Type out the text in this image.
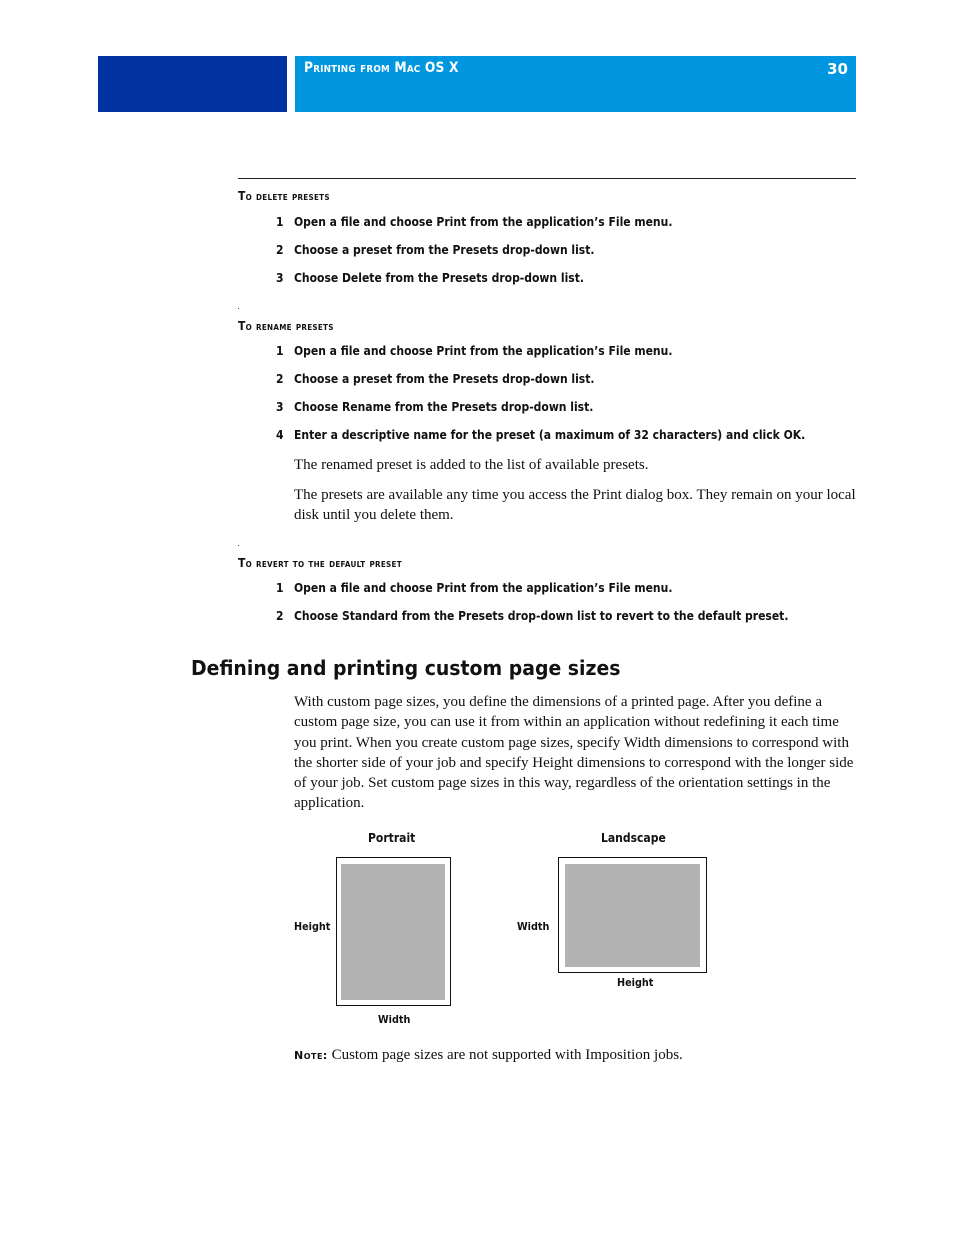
Printing from Mac OS X	30
To delete presets
1 Open a file and choose Print from the application’s File menu.
2 Choose a preset from the Presets drop-down list.
3 Choose Delete from the Presets drop-down list.
To rename presets
1 Open a file and choose Print from the application’s File menu.
2 Choose a preset from the Presets drop-down list.
3 Choose Rename from the Presets drop-down list.
4 Enter a descriptive name for the preset (a maximum of 32 characters) and click OK.
The renamed preset is added to the list of available presets.
The presets are available any time you access the Print dialog box. They remain on your local disk until you delete them.
To revert to the default preset
1 Open a file and choose Print from the application’s File menu.
2 Choose Standard from the Presets drop-down list to revert to the default preset.
Defining and printing custom page sizes
With custom page sizes, you define the dimensions of a printed page. After you define a custom page size, you can use it from within an application without redefining it each time you print. When you create custom page sizes, specify Width dimensions to correspond with the shorter side of your job and specify Height dimensions to correspond with the longer side of your job. Set custom page sizes in this way, regardless of the orientation settings in the application.
Portrait
Height
Width
Landscape
Width
Height
Note: Custom page sizes are not supported with Imposition jobs.
